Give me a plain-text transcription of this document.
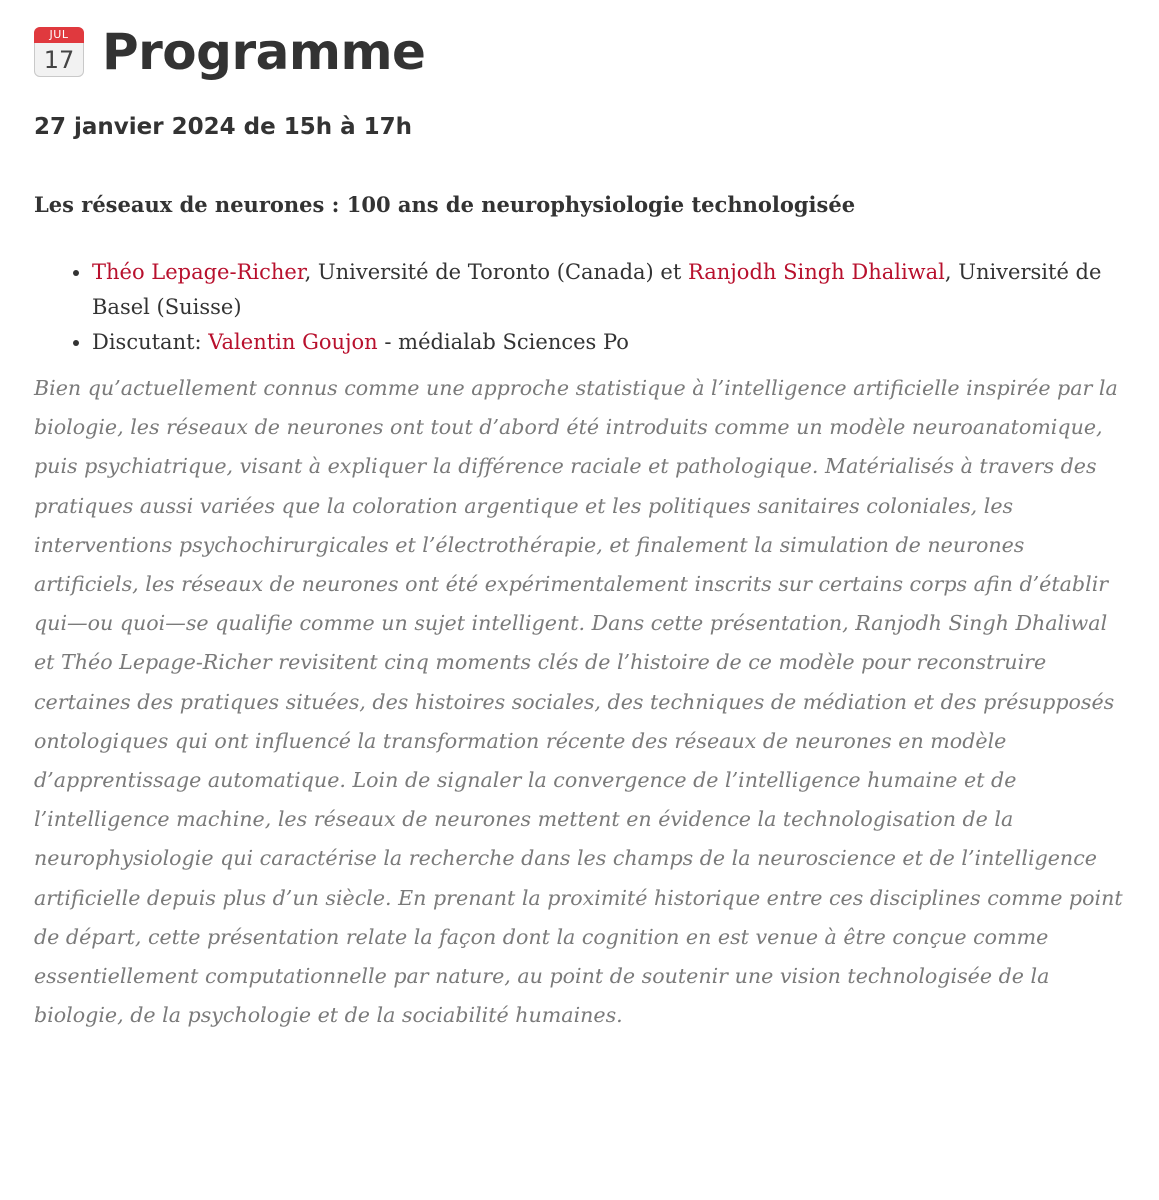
JUL
17 Programme

27 janvier 2024 de 15h à 17h

Les réseaux de neurones : 100 ans de neurophysiologie technologisée

• Théo Lepage-Richer, Université de Toronto (Canada) et Ranjodh Singh Dhaliwal, Université de Basel (Suisse)
• Discutant: Valentin Goujon - médialab Sciences Po

Bien qu’actuellement connus comme une approche statistique à l’intelligence artificielle inspirée par la biologie, les réseaux de neurones ont tout d’abord été introduits comme un modèle neuroanatomique, puis psychiatrique, visant à expliquer la différence raciale et pathologique. Matérialisés à travers des pratiques aussi variées que la coloration argentique et les politiques sanitaires coloniales, les interventions psychochirurgicales et l’électrothérapie, et finalement la simulation de neurones artificiels, les réseaux de neurones ont été expérimentalement inscrits sur certains corps afin d’établir qui—ou quoi—se qualifie comme un sujet intelligent. Dans cette présentation, Ranjodh Singh Dhaliwal et Théo Lepage-Richer revisitent cinq moments clés de l’histoire de ce modèle pour reconstruire certaines des pratiques situées, des histoires sociales, des techniques de médiation et des présupposés ontologiques qui ont influencé la transformation récente des réseaux de neurones en modèle d’apprentissage automatique. Loin de signaler la convergence de l’intelligence humaine et de l’intelligence machine, les réseaux de neurones mettent en évidence la technologisation de la neurophysiologie qui caractérise la recherche dans les champs de la neuroscience et de l’intelligence artificielle depuis plus d’un siècle. En prenant la proximité historique entre ces disciplines comme point de départ, cette présentation relate la façon dont la cognition en est venue à être conçue comme essentiellement computationnelle par nature, au point de soutenir une vision technologisée de la biologie, de la psychologie et de la sociabilité humaines.
